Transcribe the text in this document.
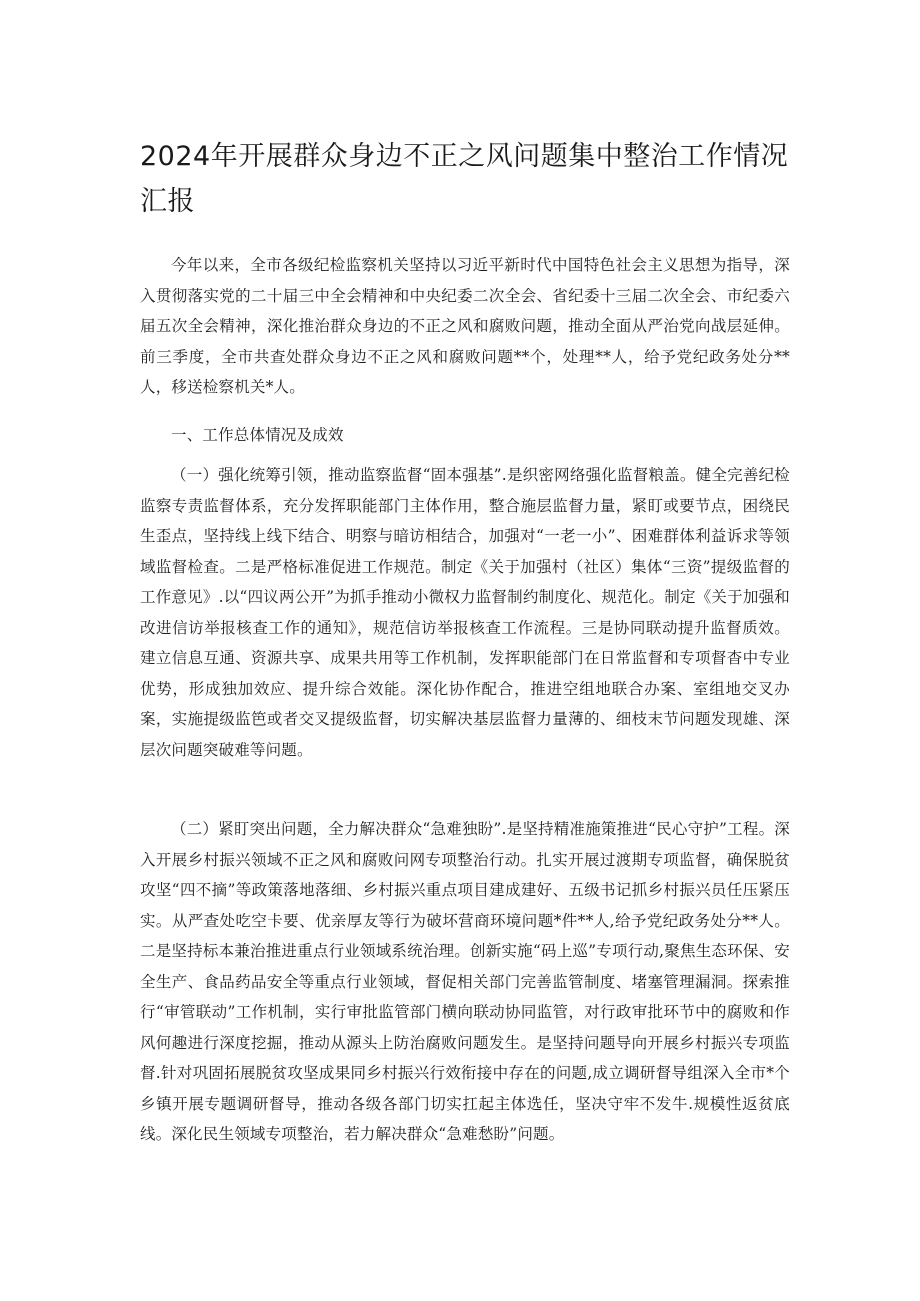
2024年开展群众身边不正之风问题集中整治工作情况汇报

今年以来，全市各级纪检监察机关坚持以习近平新时代中国特色社会主义思想为指导，深入贯彻落实党的二十届三中全会精神和中央纪委二次全会、省纪委十三届二次全会、市纪委六届五次全会精神，深化推治群众身边的不正之风和腐败问题，推动全面从严治党向战层延伸。前三季度，全市共查处群众身边不正之风和腐败问题**个，处理**人，给予党纪政务处分**人，移送检察机关*人。

一、工作总体情况及成效

（一）强化统筹引领，推动监察监督“固本强基”.是织密网络强化监督粮盖。健全完善纪检监察专责监督体系，充分发挥职能部门主体作用，整合施层监督力量，紧盯或要节点，困绕民生歪点，坚持线上线下结合、明察与暗访相结合，加强对“一老一小”、困难群体利益诉求等领域监督检查。二是严格标准促进工作规范。制定《关于加强村（社区）集体“三资”提级监督的工作意见》.以“四议两公开”为抓手推动小微权力监督制约制度化、规范化。制定《关于加强和改进信访举报核查工作的通知》，规范信访举报核查工作流程。三是协同联动提升监督质效。建立信息互通、资源共享、成果共用等工作机制，发挥职能部门在日常监督和专项督杳中专业优势，形成独加效应、提升综合效能。深化协作配合，推进空组地联合办案、室组地交叉办案，实施提级监笆或者交叉提级监督，切实解决基层监督力量薄的、细枝末节问题发现雄、深层次问题突破难等问题。

（二）紧盯突出问题，全力解决群众“急难独盼”.是坚持精准施策推进“民心守护”工程。深入开展乡村振兴领域不正之风和腐败问网专项整治行动。扎实开展过渡期专项监督，确保脱贫攻坚“四不摘”等政策落地落细、乡村振兴重点项目建成建好、五级书记抓乡村振兴员任压紧压实。从严查处吃空卡要、优亲厚友等行为破坏营商环境问题*件**人,给予党纪政务处分**人。二是坚持标本兼治推进重点行业领域系统治理。创新实施“码上巡”专项行动,聚焦生态环保、安全生产、食品药品安全等重点行业领域，督促相关部门完善监管制度、堵塞管理漏洞。探索推行“审管联动”工作机制，实行审批监管部门横向联动协同监管，对行政审批环节中的腐败和作风何趣进行深度挖掘，推动从源头上防治腐败问题发生。是坚持问题导向开展乡村振兴专项监督.针对巩固拓展脱贫攻坚成果同乡村振兴行效衔接中存在的问题,成立调研督导组深入全市*个乡镇开展专题调研督导，推动各级各部门切实扛起主体选任，坚决守牢不发牛.规模性返贫底线。深化民生领域专项整治，若力解决群众“急难愁盼”问题。
